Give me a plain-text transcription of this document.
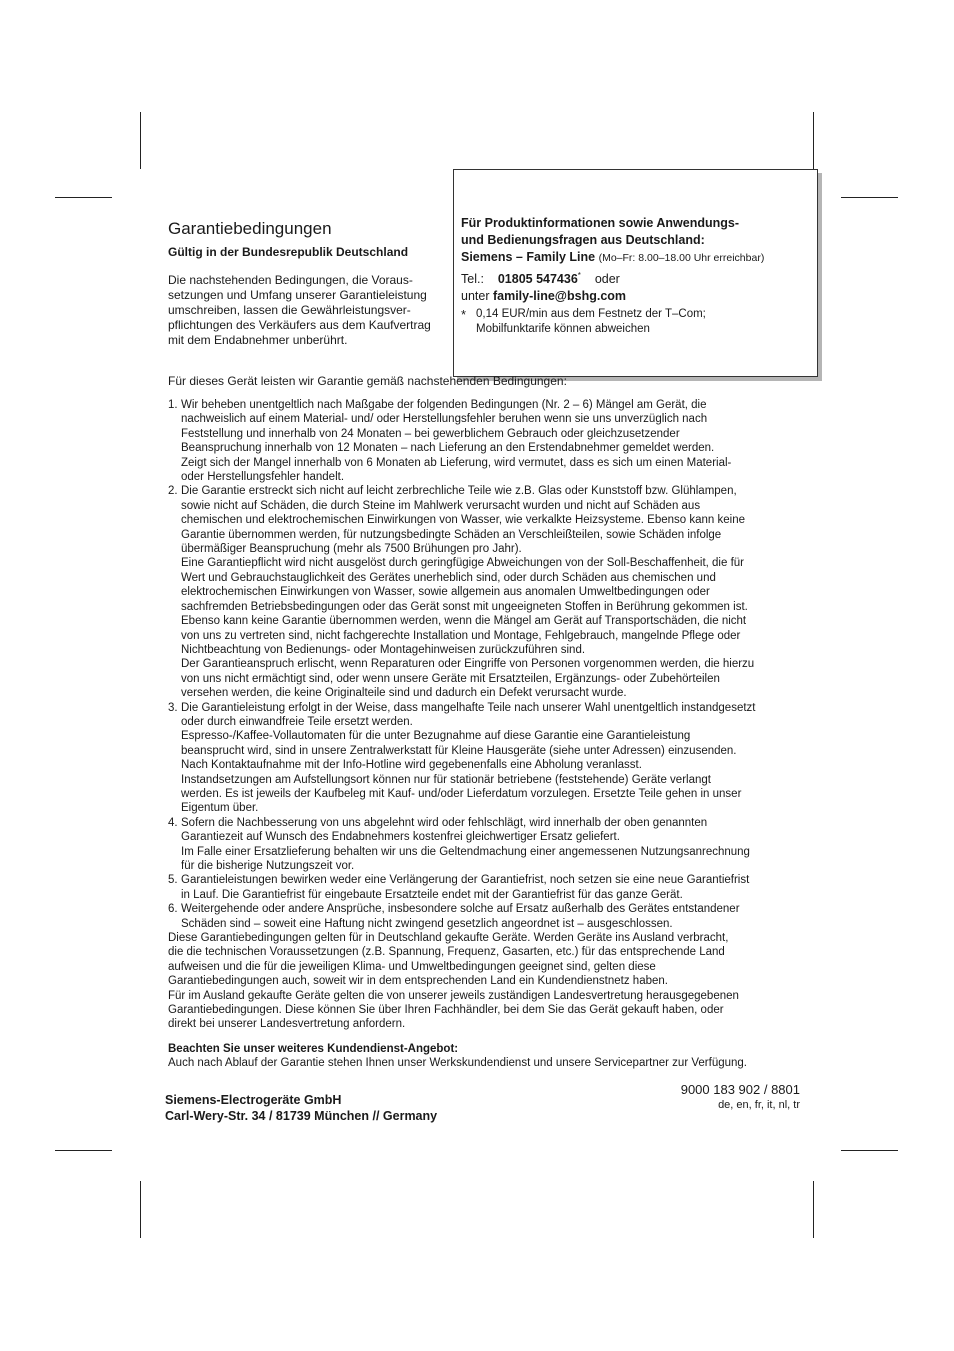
Garantiebedingungen
Gültig in der Bundesrepublik Deutschland
Die nachstehenden Bedingungen, die Voraus-
setzungen und Umfang unserer Garantieleistung
umschreiben, lassen die Gewährleistungsver-
pflichtungen des Verkäufers aus dem Kaufvertrag
mit dem Endabnehmer unberührt.

Für Produktinformationen sowie Anwendungs-

und Bedienungsfragen aus Deutschland:

Siemens – Family Line (Mo–Fr: 8.00–18.00 Uhr erreichbar)

Tel.: 01805 547436* oder

unter family-line@bshg.com

* 0,14 EUR/min aus dem Festnetz der T–Com;
Mobilfunktarife können abweichen

Für dieses Gerät leisten wir Garantie gemäß nachstehenden Bedingungen:

1. Wir beheben unentgeltlich nach Maßgabe der folgenden Bedingungen (Nr. 2 – 6) Mängel am Gerät, die

nachweislich auf einem Material- und/ oder Herstellungsfehler beruhen wenn sie uns unverzüglich nach

Feststellung und innerhalb von 24 Monaten – bei gewerblichem Gebrauch oder gleichzusetzender

Beanspruchung innerhalb von 12 Monaten – nach Lieferung an den Erstendabnehmer gemeldet werden.

Zeigt sich der Mangel innerhalb von 6 Monaten ab Lieferung, wird vermutet, dass es sich um einen Material-

oder Herstellungsfehler handelt.

2. Die Garantie erstreckt sich nicht auf leicht zerbrechliche Teile wie z.B. Glas oder Kunststoff bzw. Glühlampen,

sowie nicht auf Schäden, die durch Steine im Mahlwerk verursacht wurden und nicht auf Schäden aus

chemischen und elektrochemischen Einwirkungen von Wasser, wie verkalkte Heizsysteme. Ebenso kann keine

Garantie übernommen werden, für nutzungsbedingte Schäden an Verschleißteilen, sowie Schäden infolge

übermäßiger Beanspruchung (mehr als 7500 Brühungen pro Jahr).

Eine Garantiepflicht wird nicht ausgelöst durch geringfügige Abweichungen von der Soll-Beschaffenheit, die für

Wert und Gebrauchstauglichkeit des Gerätes unerheblich sind, oder durch Schäden aus chemischen und

elektrochemischen Einwirkungen von Wasser, sowie allgemein aus anomalen Umweltbedingungen oder

sachfremden Betriebsbedingungen oder das Gerät sonst mit ungeeigneten Stoffen in Berührung gekommen ist.

Ebenso kann keine Garantie übernommen werden, wenn die Mängel am Gerät auf Transportschäden, die nicht

von uns zu vertreten sind, nicht fachgerechte Installation und Montage, Fehlgebrauch, mangelnde Pflege oder

Nichtbeachtung von Bedienungs- oder Montagehinweisen zurückzuführen sind.

Der Garantieanspruch erlischt, wenn Reparaturen oder Eingriffe von Personen vorgenommen werden, die hierzu

von uns nicht ermächtigt sind, oder wenn unsere Geräte mit Ersatzteilen, Ergänzungs- oder Zubehörteilen

versehen werden, die keine Originalteile sind und dadurch ein Defekt verursacht wurde.

3. Die Garantieleistung erfolgt in der Weise, dass mangelhafte Teile nach unserer Wahl unentgeltlich instandgesetzt

oder durch einwandfreie Teile ersetzt werden.

Espresso-/Kaffee-Vollautomaten für die unter Bezugnahme auf diese Garantie eine Garantieleistung

beansprucht wird, sind in unsere Zentralwerkstatt für Kleine Hausgeräte (siehe unter Adressen) einzusenden.

Nach Kontaktaufnahme mit der Info-Hotline wird gegebenenfalls eine Abholung veranlasst.

Instandsetzungen am Aufstellungsort können nur für stationär betriebene (feststehende) Geräte verlangt

werden. Es ist jeweils der Kaufbeleg mit Kauf- und/oder Lieferdatum vorzulegen. Ersetzte Teile gehen in unser

Eigentum über.

4. Sofern die Nachbesserung von uns abgelehnt wird oder fehlschlägt, wird innerhalb der oben genannten

Garantiezeit auf Wunsch des Endabnehmers kostenfrei gleichwertiger Ersatz geliefert.

Im Falle einer Ersatzlieferung behalten wir uns die Geltendmachung einer angemessenen Nutzungsanrechnung

für die bisherige Nutzungszeit vor.

5. Garantieleistungen bewirken weder eine Verlängerung der Garantiefrist, noch setzen sie eine neue Garantiefrist

in Lauf. Die Garantiefrist für eingebaute Ersatzteile endet mit der Garantiefrist für das ganze Gerät.

6. Weitergehende oder andere Ansprüche, insbesondere solche auf Ersatz außerhalb des Gerätes entstandener

Schäden sind – soweit eine Haftung nicht zwingend gesetzlich angeordnet ist – ausgeschlossen.

Diese Garantiebedingungen gelten für in Deutschland gekaufte Geräte. Werden Geräte ins Ausland verbracht,

die die technischen Voraussetzungen (z.B. Spannung, Frequenz, Gasarten, etc.) für das entsprechende Land

aufweisen und die für die jeweiligen Klima- und Umweltbedingungen geeignet sind, gelten diese

Garantiebedingungen auch, soweit wir in dem entsprechenden Land ein Kundendienstnetz haben.

Für im Ausland gekaufte Geräte gelten die von unserer jeweils zuständigen Landesvertretung herausgegebenen

Garantiebedingungen. Diese können Sie über Ihren Fachhändler, bei dem Sie das Gerät gekauft haben, oder

direkt bei unserer Landesvertretung anfordern.

Beachten Sie unser weiteres Kundendienst-Angebot:
Auch nach Ablauf der Garantie stehen Ihnen unser Werkskundendienst und unsere Servicepartner zur Verfügung.
Siemens-Electrogeräte GmbH
Carl-Wery-Str. 34 / 81739 München // Germany
9000 183 902 / 8801
de, en, fr, it, nl, tr
